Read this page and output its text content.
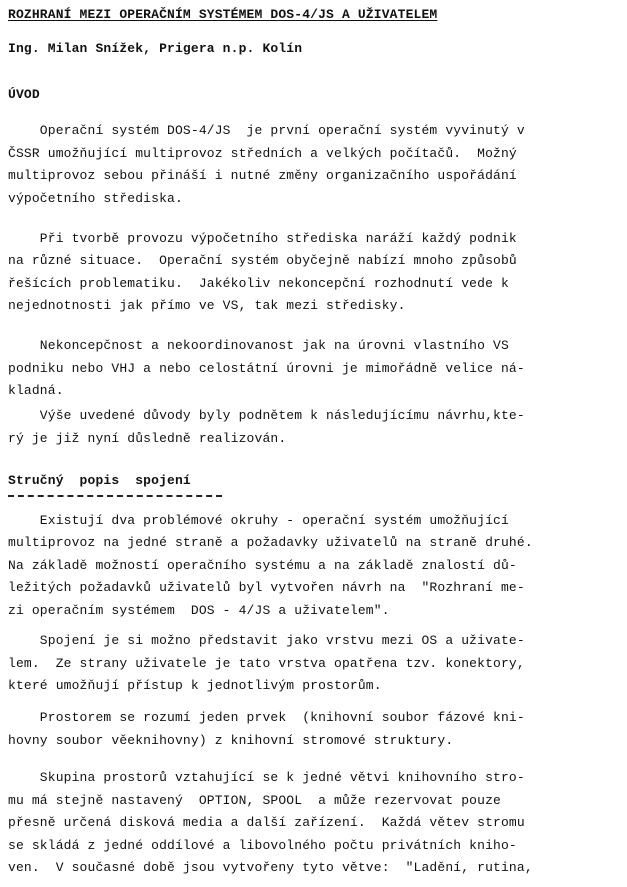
ROZHRANÍ MEZI OPERAČNÍM SYSTÉMEM DOS-4/JS A UŽIVATELEM
Ing. Milan Snížek, Prigera n.p. Kolín
ÚVOD
Operační systém DOS-4/JS  je první operační systém vyvinutý v
ČSSR umožňující multiprovoz středních a velkých počítačů.  Možný
multiprovoz sebou přináší i nutné změny organizačního uspořádání
výpočetního střediska.
Při tvorbě provozu výpočetního střediska naráží každý podnik
na různé situace.  Operační systém obyčejně nabízí mnoho způsobů
řešících problematiku.  Jakékoliv nekoncepční rozhodnutí vede k
nejednotnosti jak přímo ve VS, tak mezi středisky.
Nekoncepčnost a nekoordinovanost jak na úrovni vlastního VS
podniku nebo VHJ a nebo celostátní úrovni je mimořádně velice ná-
kladná.
Výše uvedené důvody byly podnětem k následujícímu návrhu,kte-
rý je již nyní důsledně realizován.
Stručný  popis  spojení
Existují dva problémové okruhy - operační systém umožňující
multiprovoz na jedné straně a požadavky uživatelů na straně druhé.
Na základě možností operačního systému a na základě znalostí dů-
ležitých požadavků uživatelů byl vytvořen návrh na  "Rozhraní me-
zi operačním systémem  DOS - 4/JS a uživatelem".
Spojení je si možno představit jako vrstvu mezi OS a uživate-
lem.  Ze strany uživatele je tato vrstva opatřena tzv. konektory,
které umožňují přístup k jednotlivým prostorům.
Prostorem se rozumí jeden prvek  (knihovní soubor fázové kni-
hovny soubor věeknihovny) z knihovní stromové struktury.
Skupina prostorů vztahující se k jedné větvi knihovního stro-
mu má stejně nastavený  OPTION, SPOOL  a může rezervovat pouze
přesně určená disková media a další zařízení.  Každá větev stromu
se skládá z jedné oddílové a libovolného počtu privátních kniho-
ven.  V současné době jsou vytvořeny tyto větve:  "Ladění, rutina,
